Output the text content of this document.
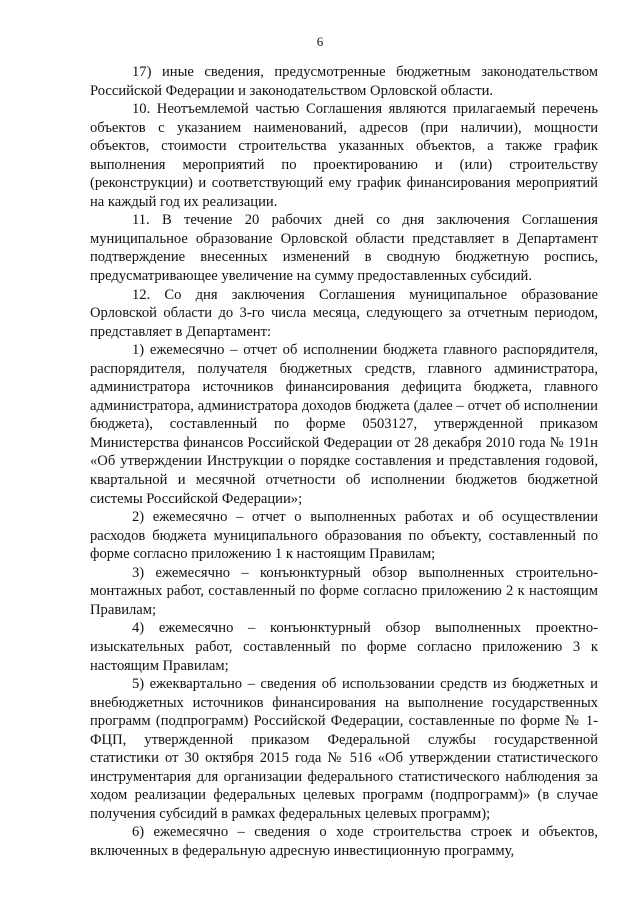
6

17) иные сведения, предусмотренные бюджетным законодательством Российской Федерации и законодательством Орловской области.

10. Неотъемлемой частью Соглашения являются прилагаемый перечень объектов с указанием наименований, адресов (при наличии), мощности объектов, стоимости строительства указанных объектов, а также график выполнения мероприятий по проектированию и (или) строительству (реконструкции) и соответствующий ему график финансирования мероприятий на каждый год их реализации.

11. В течение 20 рабочих дней со дня заключения Соглашения муниципальное образование Орловской области представляет в Департамент подтверждение внесенных изменений в сводную бюджетную роспись, предусматривающее увеличение на сумму предоставленных субсидий.

12. Со дня заключения Соглашения муниципальное образование Орловской области до 3-го числа месяца, следующего за отчетным периодом, представляет в Департамент:

1) ежемесячно – отчет об исполнении бюджета главного распорядителя, распорядителя, получателя бюджетных средств, главного администратора, администратора источников финансирования дефицита бюджета, главного администратора, администратора доходов бюджета (далее – отчет об исполнении бюджета), составленный по форме 0503127, утвержденной приказом Министерства финансов Российской Федерации от 28 декабря 2010 года № 191н «Об утверждении Инструкции о порядке составления и представления годовой, квартальной и месячной отчетности об исполнении бюджетов бюджетной системы Российской Федерации»;

2) ежемесячно – отчет о выполненных работах и об осуществлении расходов бюджета муниципального образования по объекту, составленный по форме согласно приложению 1 к настоящим Правилам;

3) ежемесячно – конъюнктурный обзор выполненных строительно-монтажных работ, составленный по форме согласно приложению 2 к настоящим Правилам;

4) ежемесячно – конъюнктурный обзор выполненных проектно-изыскательных работ, составленный по форме согласно приложению 3 к настоящим Правилам;

5) ежеквартально – сведения об использовании средств из бюджетных и внебюджетных источников финансирования на выполнение государственных программ (подпрограмм) Российской Федерации, составленные по форме № 1-ФЦП, утвержденной приказом Федеральной службы государственной статистики от 30 октября 2015 года № 516 «Об утверждении статистического инструментария для организации федерального статистического наблюдения за ходом реализации федеральных целевых программ (подпрограмм)» (в случае получения субсидий в рамках федеральных целевых программ);

6) ежемесячно – сведения о ходе строительства строек и объектов, включенных в федеральную адресную инвестиционную программу,
